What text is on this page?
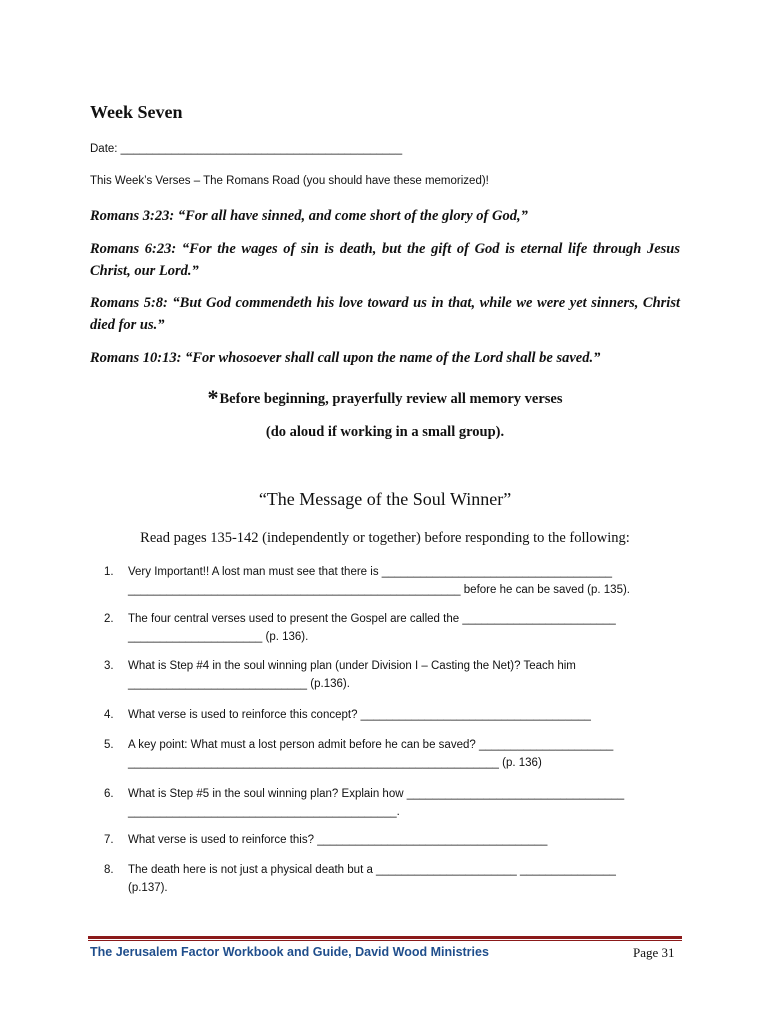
Week Seven
Date: ____________________________________________
This Week’s Verses – The Romans Road (you should have these memorized)!
Romans 3:23: “For all have sinned, and come short of the glory of God,”
Romans 6:23: “For the wages of sin is death, but the gift of God is eternal life through Jesus Christ, our Lord.”
Romans 5:8: “But God commendeth his love toward us in that, while we were yet sinners, Christ died for us.”
Romans 10:13: “For whosoever shall call upon the name of the Lord shall be saved.”
*Before beginning, prayerfully review all memory verses
(do aloud if working in a small group).
“The Message of the Soul Winner”
Read pages 135-142 (independently or together) before responding to the following:
1. Very Important!! A lost man must see that there is ____________________________________
____________________________________________________ before he can be saved (p. 135).
2. The four central verses used to present the Gospel are called the ________________________
_____________________ (p. 136).
3. What is Step #4 in the soul winning plan (under Division I – Casting the Net)? Teach him
____________________________ (p.136).
4. What verse is used to reinforce this concept? ____________________________________
5. A key point: What must a lost person admit before he can be saved? _____________________
__________________________________________________________ (p. 136)
6. What is Step #5 in the soul winning plan? Explain how __________________________________
__________________________________________.
7. What verse is used to reinforce this? ____________________________________
8. The death here is not just a physical death but a ______________________ _______________
(p.137).
The Jerusalem Factor Workbook and Guide, David Wood Ministries	Page 31
